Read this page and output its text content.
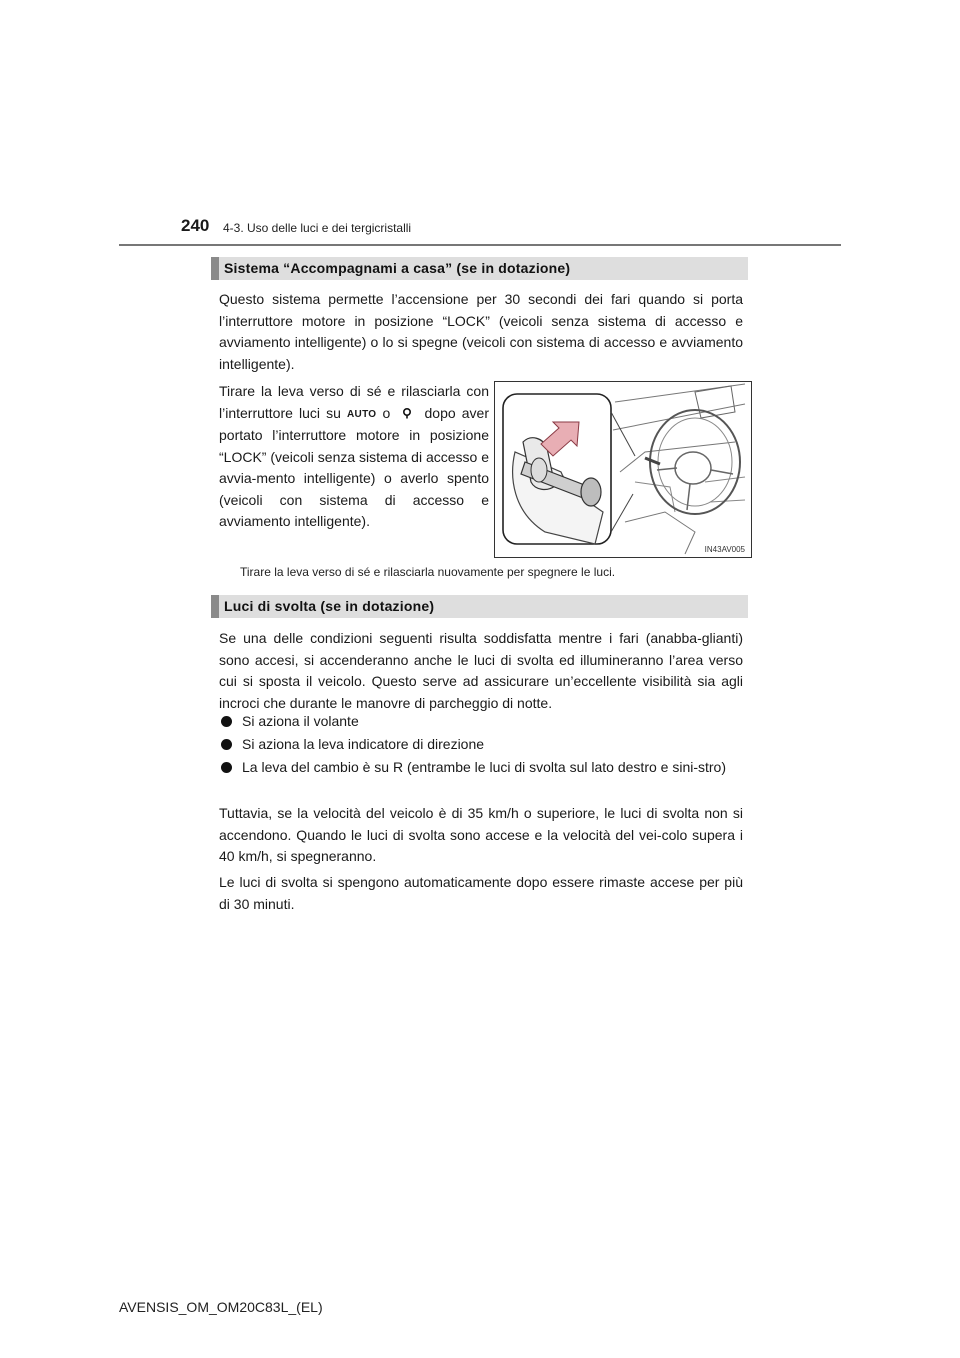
240 4-3. Uso delle luci e dei tergicristalli
Sistema “Accompagnami a casa” (se in dotazione)
Questo sistema permette l’accensione per 30 secondi dei fari quando si porta l’interruttore motore in posizione “LOCK” (veicoli senza sistema di accesso e avviamento intelligente) o lo si spegne (veicoli con sistema di accesso e avviamento intelligente).
Tirare la leva verso di sé e rilasciarla con l’interruttore luci su AUTO o dopo aver portato l’interruttore motore in posizione “LOCK” (veicoli senza sistema di accesso e avvia-mento intelligente) o averlo spento (veicoli con sistema di accesso e avviamento intelligente).
IN43AV005
Tirare la leva verso di sé e rilasciarla nuovamente per spegnere le luci.
Luci di svolta (se in dotazione)
Se una delle condizioni seguenti risulta soddisfatta mentre i fari (anabba-glianti) sono accesi, si accenderanno anche le luci di svolta ed illumineranno l’area verso cui si sposta il veicolo. Questo serve ad assicurare un’eccellente visibilità sia agli incroci che durante le manovre di parcheggio di notte.
Si aziona il volante
Si aziona la leva indicatore di direzione
La leva del cambio è su R (entrambe le luci di svolta sul lato destro e sini-stro)
Tuttavia, se la velocità del veicolo è di 35 km/h o superiore, le luci di svolta non si accendono. Quando le luci di svolta sono accese e la velocità del vei-colo supera i 40 km/h, si spegneranno.
Le luci di svolta si spengono automaticamente dopo essere rimaste accese per più di 30 minuti.
AVENSIS_OM_OM20C83L_(EL)
